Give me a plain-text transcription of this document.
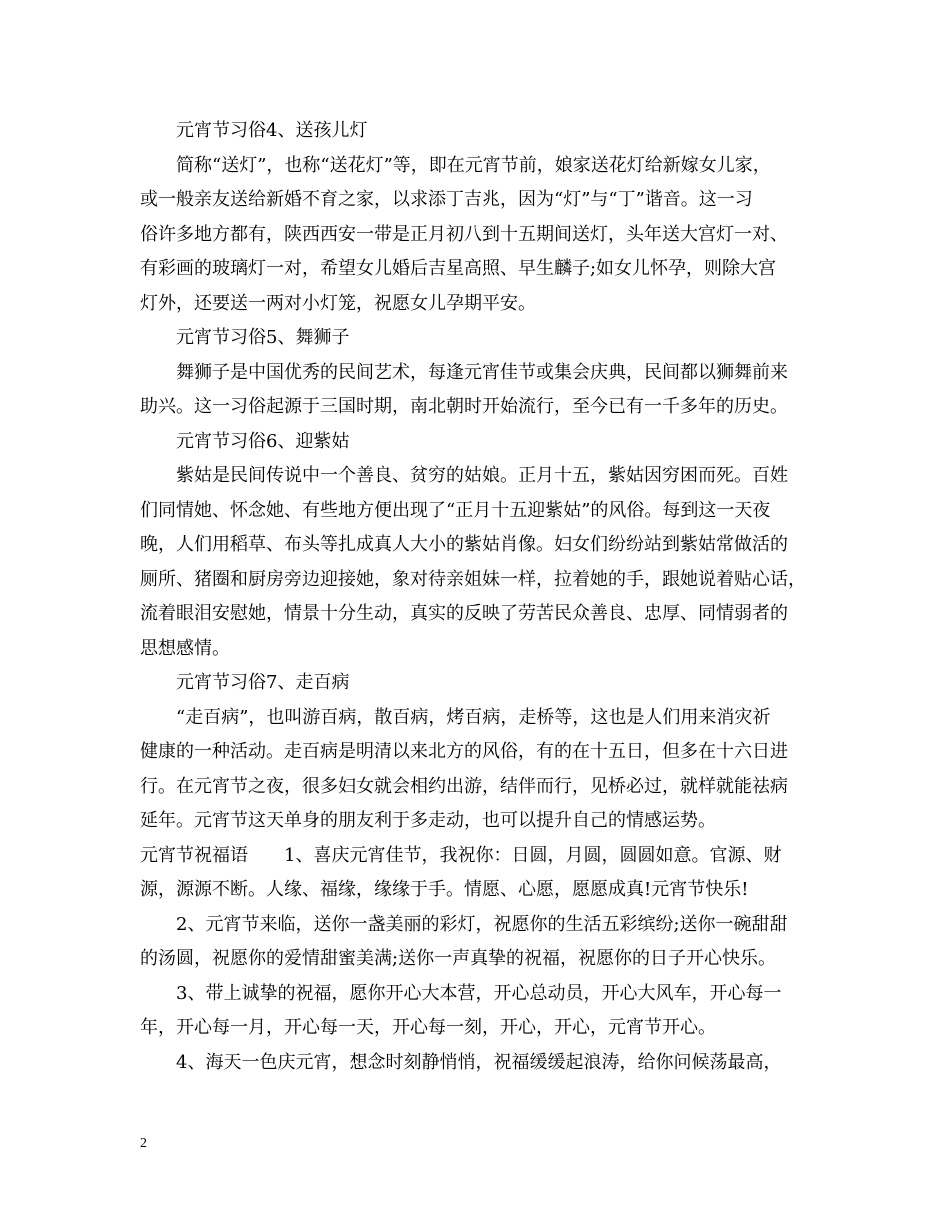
元宵节习俗4、送孩儿灯
简称“送灯”，也称“送花灯”等，即在元宵节前，娘家送花灯给新嫁女儿家，
或一般亲友送给新婚不育之家，以求添丁吉兆，因为“灯”与“丁”谐音。这一习
俗许多地方都有，陕西西安一带是正月初八到十五期间送灯，头年送大宫灯一对、
有彩画的玻璃灯一对，希望女儿婚后吉星高照、早生麟子;如女儿怀孕，则除大宫
灯外，还要送一两对小灯笼，祝愿女儿孕期平安。
元宵节习俗5、舞狮子
舞狮子是中国优秀的民间艺术，每逢元宵佳节或集会庆典，民间都以狮舞前来
助兴。这一习俗起源于三国时期，南北朝时开始流行，至今已有一千多年的历史。
元宵节习俗6、迎紫姑
紫姑是民间传说中一个善良、贫穷的姑娘。正月十五，紫姑因穷困而死。百姓
们同情她、怀念她、有些地方便出现了“正月十五迎紫姑”的风俗。每到这一天夜
晚，人们用稻草、布头等扎成真人大小的紫姑肖像。妇女们纷纷站到紫姑常做活的
厕所、猪圈和厨房旁边迎接她，象对待亲姐妹一样，拉着她的手，跟她说着贴心话，
流着眼泪安慰她，情景十分生动，真实的反映了劳苦民众善良、忠厚、同情弱者的
思想感情。
元宵节习俗7、走百病
“走百病”，也叫游百病，散百病，烤百病，走桥等，这也是人们用来消灾祈
健康的一种活动。走百病是明清以来北方的风俗，有的在十五日，但多在十六日进
行。在元宵节之夜，很多妇女就会相约出游，结伴而行，见桥必过，就样就能祛病
延年。元宵节这天单身的朋友利于多走动，也可以提升自己的情感运势。
元宵节祝福语　　1、喜庆元宵佳节，我祝你：日圆，月圆，圆圆如意。官源、财
源，源源不断。人缘、福缘，缘缘于手。情愿、心愿，愿愿成真!元宵节快乐!
2、元宵节来临，送你一盏美丽的彩灯，祝愿你的生活五彩缤纷;送你一碗甜甜
的汤圆，祝愿你的爱情甜蜜美满;送你一声真挚的祝福，祝愿你的日子开心快乐。
3、带上诚挚的祝福，愿你开心大本营，开心总动员，开心大风车，开心每一
年，开心每一月，开心每一天，开心每一刻，开心，开心，元宵节开心。
4、海天一色庆元宵，想念时刻静悄悄，祝福缓缓起浪涛，给你问候荡最高，
2
